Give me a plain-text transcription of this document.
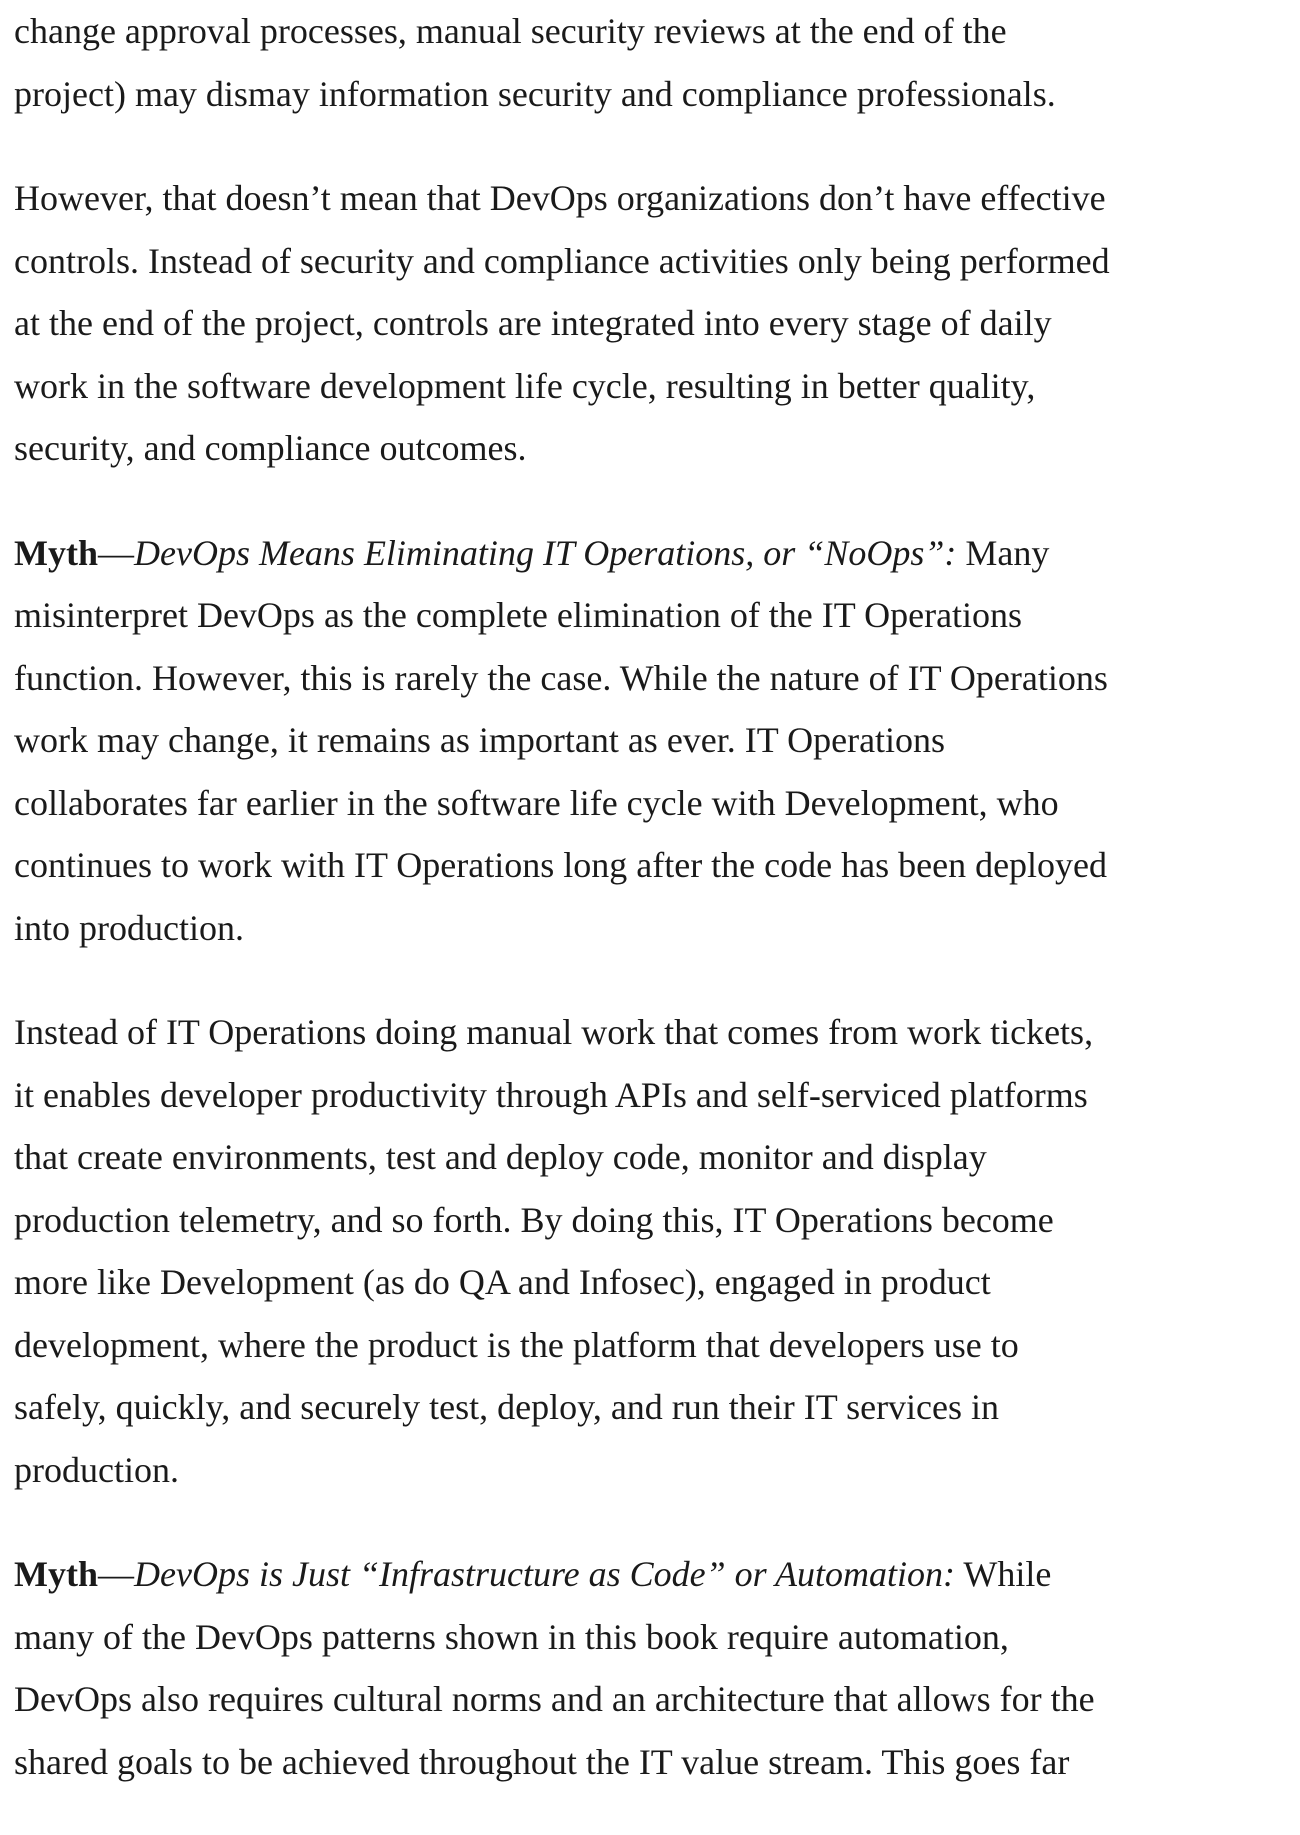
change approval processes, manual security reviews at the end of the
project) may dismay information security and compliance professionals.

However, that doesn’t mean that DevOps organizations don’t have effective
controls. Instead of security and compliance activities only being performed
at the end of the project, controls are integrated into every stage of daily
work in the software development life cycle, resulting in better quality,
security, and compliance outcomes.

Myth—DevOps Means Eliminating IT Operations, or “NoOps”: Many
misinterpret DevOps as the complete elimination of the IT Operations
function. However, this is rarely the case. While the nature of IT Operations
work may change, it remains as important as ever. IT Operations
collaborates far earlier in the software life cycle with Development, who
continues to work with IT Operations long after the code has been deployed
into production.

Instead of IT Operations doing manual work that comes from work tickets,
it enables developer productivity through APIs and self-serviced platforms
that create environments, test and deploy code, monitor and display
production telemetry, and so forth. By doing this, IT Operations become
more like Development (as do QA and Infosec), engaged in product
development, where the product is the platform that developers use to
safely, quickly, and securely test, deploy, and run their IT services in
production.

Myth—DevOps is Just “Infrastructure as Code” or Automation: While
many of the DevOps patterns shown in this book require automation,
DevOps also requires cultural norms and an architecture that allows for the
shared goals to be achieved throughout the IT value stream. This goes far
